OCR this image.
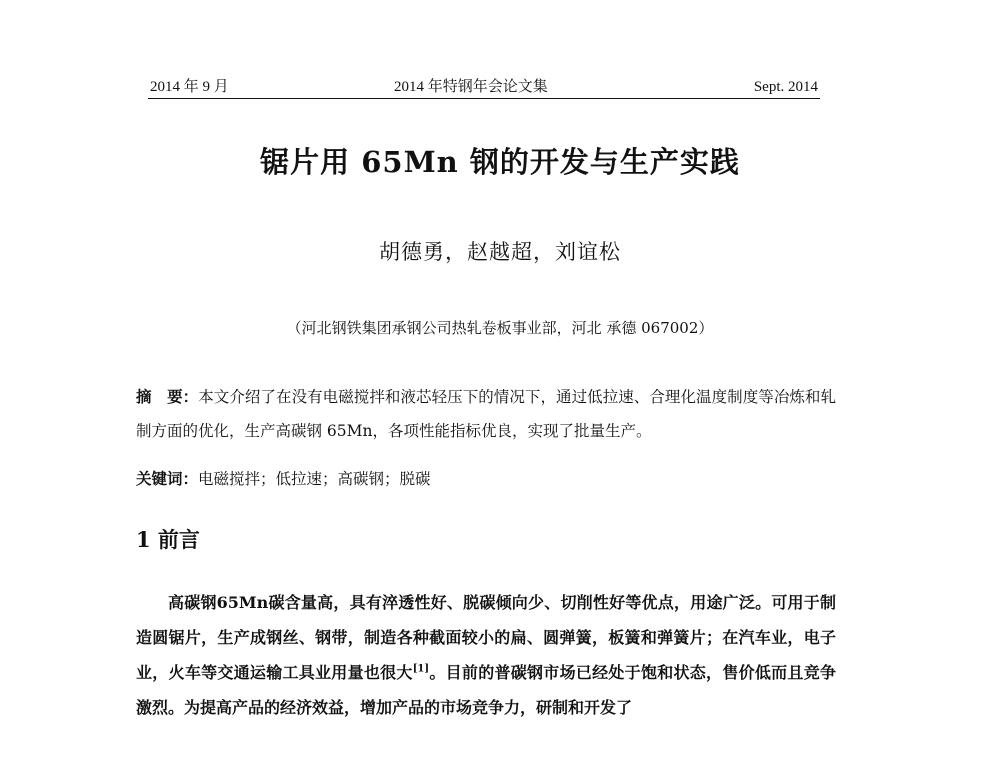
2014 年 9 月	2014 年特钢年会论文集	Sept. 2014
锯片用 65Mn 钢的开发与生产实践
胡德勇，赵越超，刘谊松
（河北钢铁集团承钢公司热轧卷板事业部，河北 承德 067002）
摘　要：本文介绍了在没有电磁搅拌和液芯轻压下的情况下，通过低拉速、合理化温度制度等冶炼和轧制方面的优化，生产高碳钢 65Mn，各项性能指标优良，实现了批量生产。
关键词：电磁搅拌；低拉速；高碳钢；脱碳
1 前言
高碳钢65Mn碳含量高，具有淬透性好、脱碳倾向少、切削性好等优点，用途广泛。可用于制造圆锯片，生产成钢丝、钢带，制造各种截面较小的扁、圆弹簧，板簧和弹簧片；在汽车业，电子业，火车等交通运输工具业用量也很大[1]。目前的普碳钢市场已经处于饱和状态，售价低而且竞争激烈。为提高产品的经济效益，增加产品的市场竞争力，研制和开发了
